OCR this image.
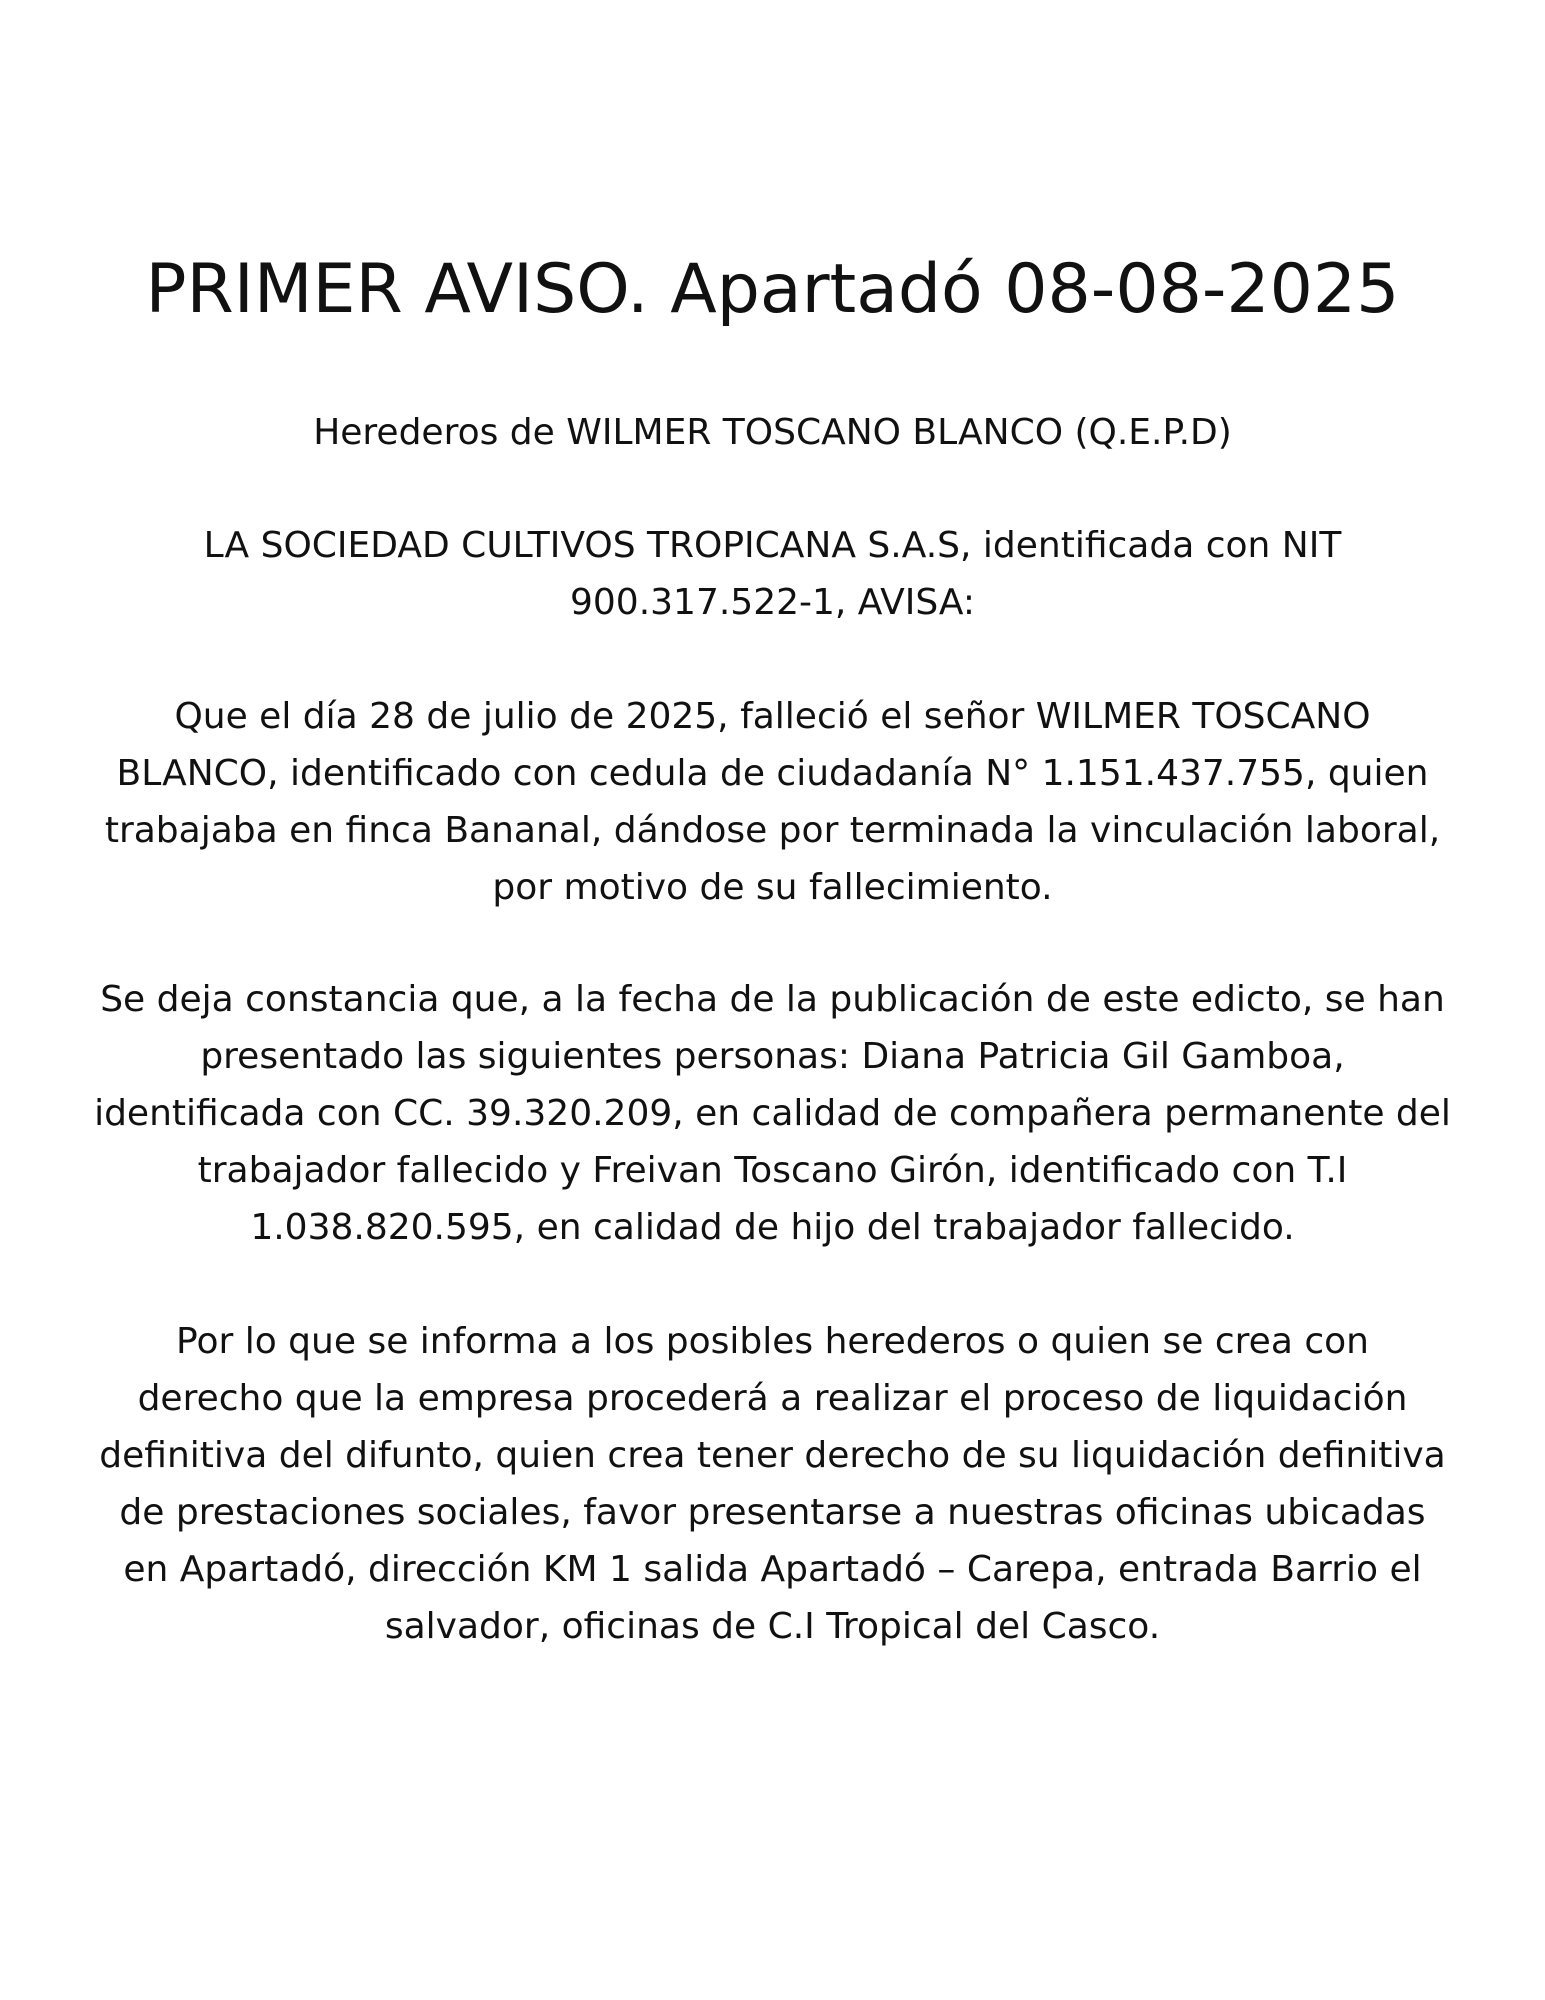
PRIMER AVISO. Apartadó 08-08-2025

Herederos de WILMER TOSCANO BLANCO (Q.E.P.D)

LA SOCIEDAD CULTIVOS TROPICANA S.A.S, identificada con NIT
900.317.522-1, AVISA:

Que el día 28 de julio de 2025, falleció el señor WILMER TOSCANO
BLANCO, identificado con cedula de ciudadanía N° 1.151.437.755, quien
trabajaba en finca Bananal, dándose por terminada la vinculación laboral,
por motivo de su fallecimiento.

Se deja constancia que, a la fecha de la publicación de este edicto, se han
presentado las siguientes personas: Diana Patricia Gil Gamboa,
identificada con CC. 39.320.209, en calidad de compañera permanente del
trabajador fallecido y Freivan Toscano Girón, identificado con T.I
1.038.820.595, en calidad de hijo del trabajador fallecido.

Por lo que se informa a los posibles herederos o quien se crea con
derecho que la empresa procederá a realizar el proceso de liquidación
definitiva del difunto, quien crea tener derecho de su liquidación definitiva
de prestaciones sociales, favor presentarse a nuestras oficinas ubicadas
en Apartadó, dirección KM 1 salida Apartadó – Carepa, entrada Barrio el
salvador, oficinas de C.I Tropical del Casco.
